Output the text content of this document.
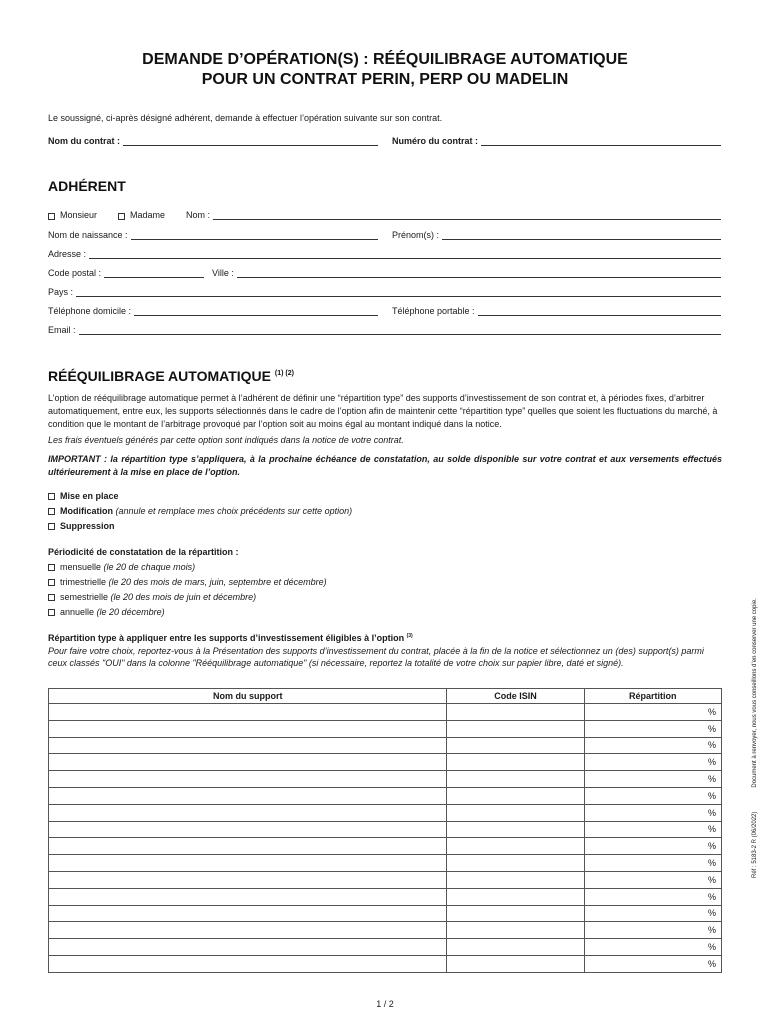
DEMANDE D’OPÉRATION(S) : RÉÉQUILIBRAGE AUTOMATIQUE
POUR UN CONTRAT PERIN, PERP OU MADELIN
Le soussigné, ci-après désigné adhérent, demande à effectuer l’opération suivante sur son contrat.
Nom du contrat :	Numéro du contrat :
ADHÉRENT
Monsieur	Madame	Nom :
Nom de naissance :	Prénom(s) :
Adresse :
Code postal :	Ville :
Pays :
Téléphone domicile :	Téléphone portable :
Email :
RÉÉQUILIBRAGE AUTOMATIQUE $^{(1) (2)}$
L’option de rééquilibrage automatique permet à l’adhérent de définir une “répartition type” des supports d’investissement de son contrat et, à périodes fixes, d’arbitrer automatiquement, entre eux, les supports sélectionnés dans le cadre de l’option afin de maintenir cette “répartition type” quelles que soient les fluctuations du marché, à condition que le montant de l’arbitrage provoqué par l’option soit au moins égal au montant indiqué dans la notice.
Les frais éventuels générés par cette option sont indiqués dans la notice de votre contrat.
IMPORTANT : la répartition type s’appliquera, à la prochaine échéance de constatation, au solde disponible sur votre contrat et aux versements effectués ultérieurement à la mise en place de l’option.
Mise en place
Modification (annule et remplace mes choix précédents sur cette option)
Suppression
Périodicité de constatation de la répartition :
mensuelle (le 20 de chaque mois)
trimestrielle (le 20 des mois de mars, juin, septembre et décembre)
semestrielle (le 20 des mois de juin et décembre)
annuelle (le 20 décembre)
Répartition type à appliquer entre les supports d’investissement éligibles à l’option $^{(3)}$
Pour faire votre choix, reportez-vous à la Présentation des supports d’investissement du contrat, placée à la fin de la notice et sélectionnez un (des) support(s) parmi ceux classés "OUI" dans la colonne "Rééquilibrage automatique" (si nécessaire, reportez la totalité de votre choix sur papier libre, daté et signé).
Nom du support	Code ISIN	Répartition
		%
		%
		%
		%
		%
		%
		%
		%
		%
		%
		%
		%
		%
		%
		%
		%
Réf : 5183-2 R (06/2022)Document à renvoyer, nous vous conseillons d’en conserver une copie.
1 / 2
